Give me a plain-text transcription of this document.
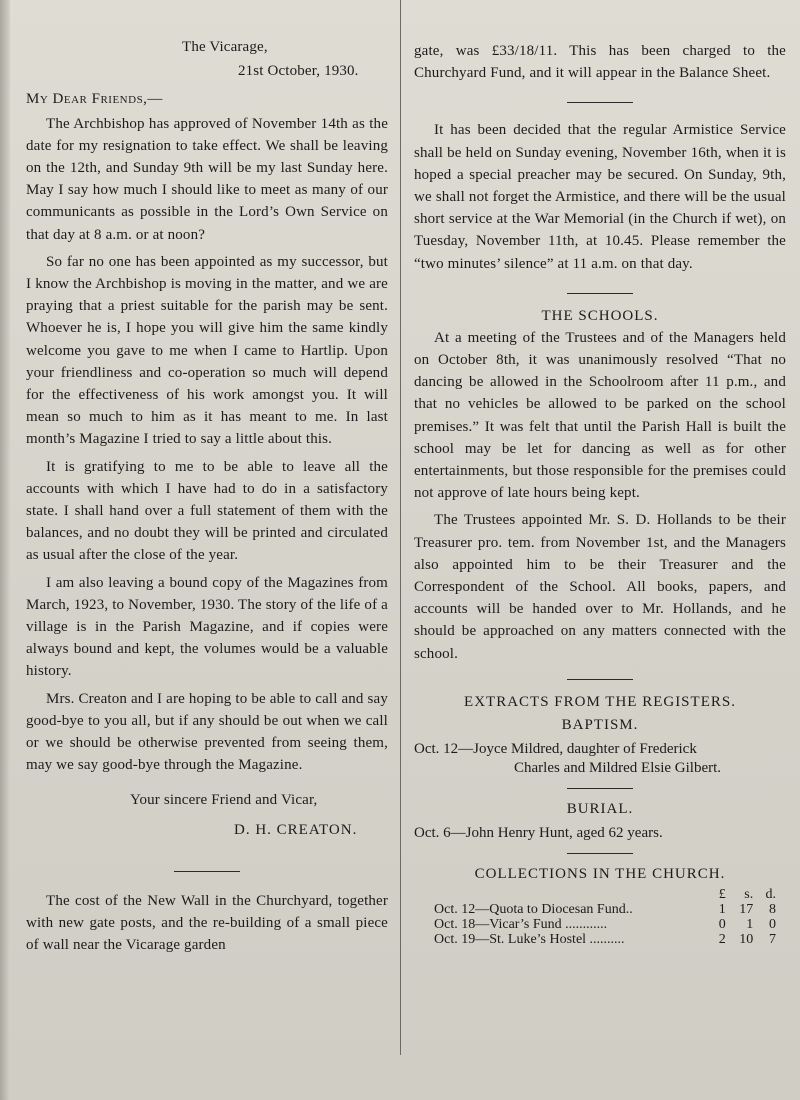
The Vicarage,

21st October, 1930.

My Dear Friends,—

The Archbishop has approved of November 14th as the date for my resignation to take effect. We shall be leaving on the 12th, and Sunday 9th will be my last Sunday here. May I say how much I should like to meet as many of our communicants as possible in the Lord’s Own Service on that day at 8 a.m. or at noon?

So far no one has been appointed as my successor, but I know the Archbishop is moving in the matter, and we are praying that a priest suitable for the parish may be sent. Whoever he is, I hope you will give him the same kindly welcome you gave to me when I came to Hartlip. Upon your friendliness and co-operation so much will depend for the effectiveness of his work amongst you. It will mean so much to him as it has meant to me. In last month’s Magazine I tried to say a little about this.

It is gratifying to me to be able to leave all the accounts with which I have had to do in a satisfactory state. I shall hand over a full statement of them with the balances, and no doubt they will be printed and circulated as usual after the close of the year.

I am also leaving a bound copy of the Magazines from March, 1923, to November, 1930. The story of the life of a village is in the Parish Magazine, and if copies were always bound and kept, the volumes would be a valuable history.

Mrs. Creaton and I are hoping to be able to call and say good-bye to you all, but if any should be out when we call or we should be otherwise prevented from seeing them, may we say good-bye through the Magazine.

Your sincere Friend and Vicar,

D. H. CREATON.

The cost of the New Wall in the Churchyard, together with new gate posts, and the re-building of a small piece of wall near the Vicarage garden

gate, was £33/18/11. This has been charged to the Churchyard Fund, and it will appear in the Balance Sheet.

It has been decided that the regular Armistice Service shall be held on Sunday evening, November 16th, when it is hoped a special preacher may be secured. On Sunday, 9th, we shall not forget the Armistice, and there will be the usual short service at the War Memorial (in the Church if wet), on Tuesday, November 11th, at 10.45. Please remember the “two minutes’ silence” at 11 a.m. on that day.

THE SCHOOLS.

At a meeting of the Trustees and of the Managers held on October 8th, it was unanimously resolved “That no dancing be allowed in the Schoolroom after 11 p.m., and that no vehicles be allowed to be parked on the school premises.” It was felt that until the Parish Hall is built the school may be let for dancing as well as for other entertainments, but those responsible for the premises could not approve of late hours being kept.

The Trustees appointed Mr. S. D. Hollands to be their Treasurer pro. tem. from November 1st, and the Managers also appointed him to be their Treasurer and the Correspondent of the School. All books, papers, and accounts will be handed over to Mr. Hollands, and he should be approached on any matters connected with the school.

EXTRACTS FROM THE REGISTERS.

BAPTISM.

Oct. 12—Joyce Mildred, daughter of Frederick

Charles and Mildred Elsie Gilbert.

BURIAL.

Oct. 6—John Henry Hunt, aged 62 years.

COLLECTIONS IN THE CHURCH.

	£	s.	d.
Oct. 12—Quota to Diocesan Fund..	1	17	8
Oct. 18—Vicar’s Fund ............	0	1	0
Oct. 19—St. Luke’s Hostel ..........	2	10	7
